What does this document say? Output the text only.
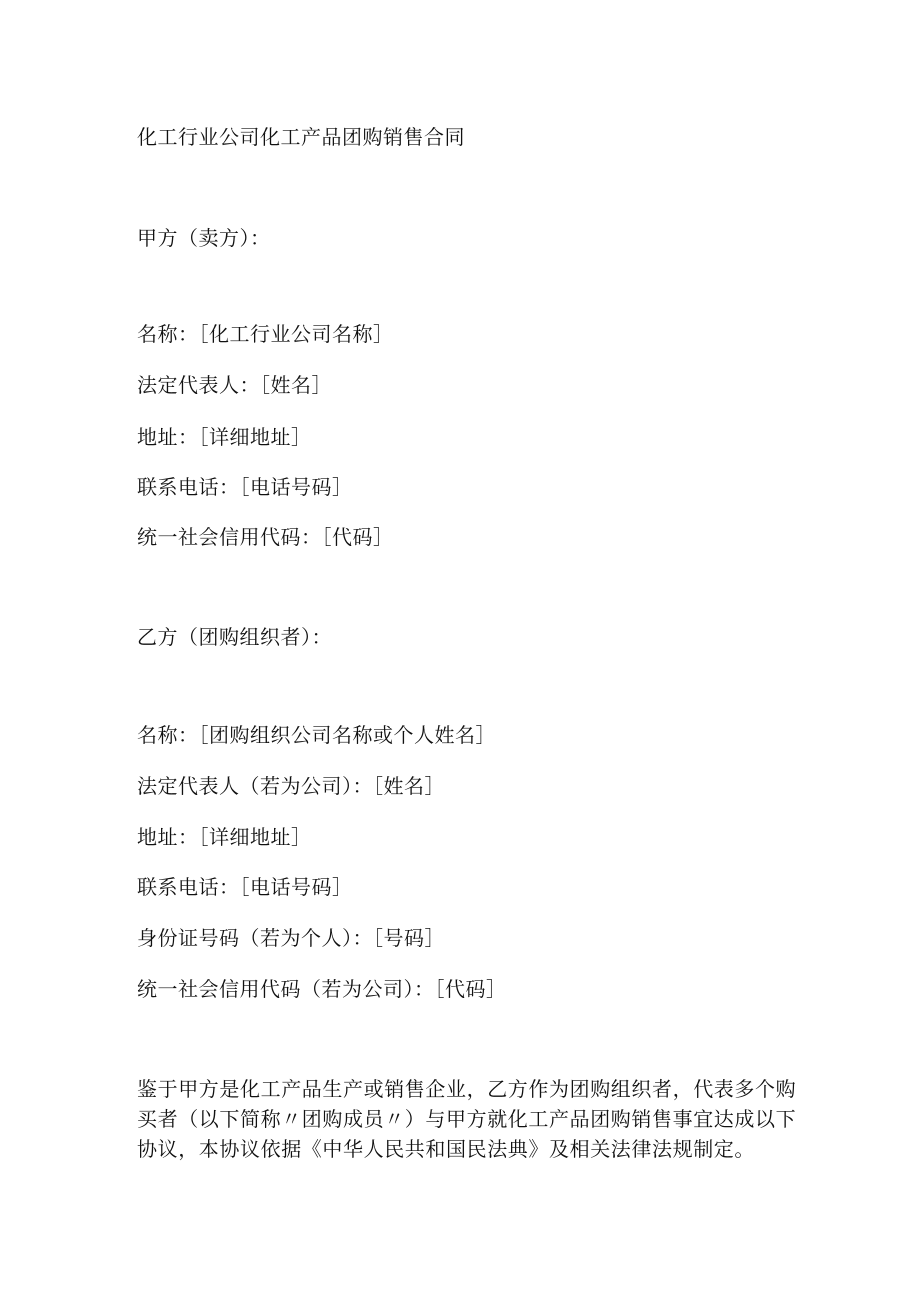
化工行业公司化工产品团购销售合同
甲方（卖方）：
名称：［化工行业公司名称］
法定代表人：［姓名］
地址：［详细地址］
联系电话：［电话号码］
统一社会信用代码：［代码］
乙方（团购组织者）：
名称：［团购组织公司名称或个人姓名］
法定代表人（若为公司）：［姓名］
地址：［详细地址］
联系电话：［电话号码］
身份证号码（若为个人）：［号码］
统一社会信用代码（若为公司）：［代码］
鉴于甲方是化工产品生产或销售企业，乙方作为团购组织者，代表多个购
买者（以下简称〃团购成员〃）与甲方就化工产品团购销售事宜达成以下
协议，本协议依据《中华人民共和国民法典》及相关法律法规制定。
